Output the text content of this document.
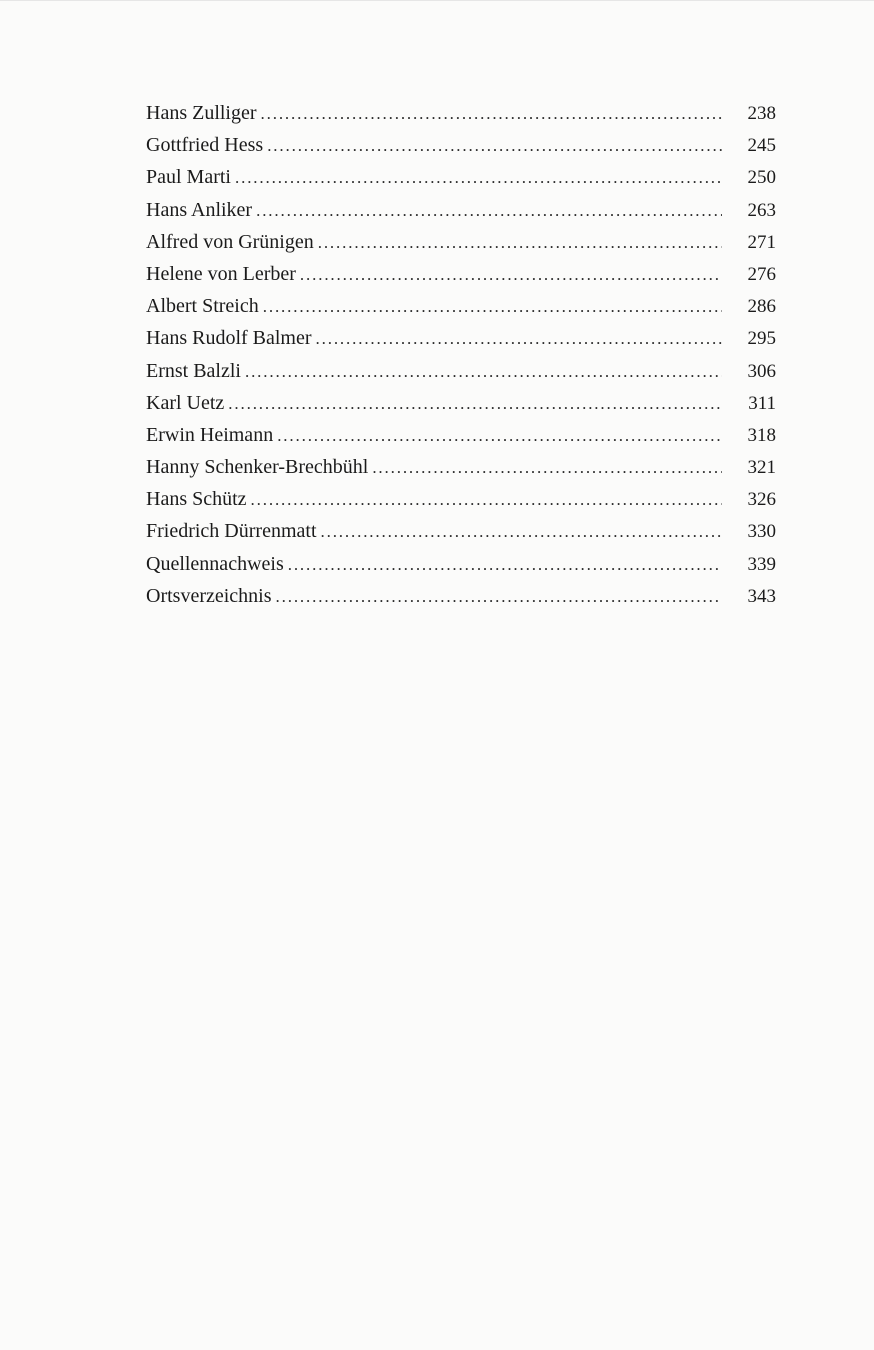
Hans Zulliger . . .	238
Gottfried Hess . . .	245
Paul Marti . . .	250
Hans Anliker . . .	263
Alfred von Grünigen . . .	271
Helene von Lerber . . .	276
Albert Streich . . .	286
Hans Rudolf Balmer . . .	295
Ernst Balzli . . .	306
Karl Uetz . . .	311
Erwin Heimann . . .	318
Hanny Schenker-Brechbühl . . .	321
Hans Schütz . . .	326
Friedrich Dürrenmatt . . .	330
Quellennachweis . . .	339
Ortsverzeichnis . . .	343
